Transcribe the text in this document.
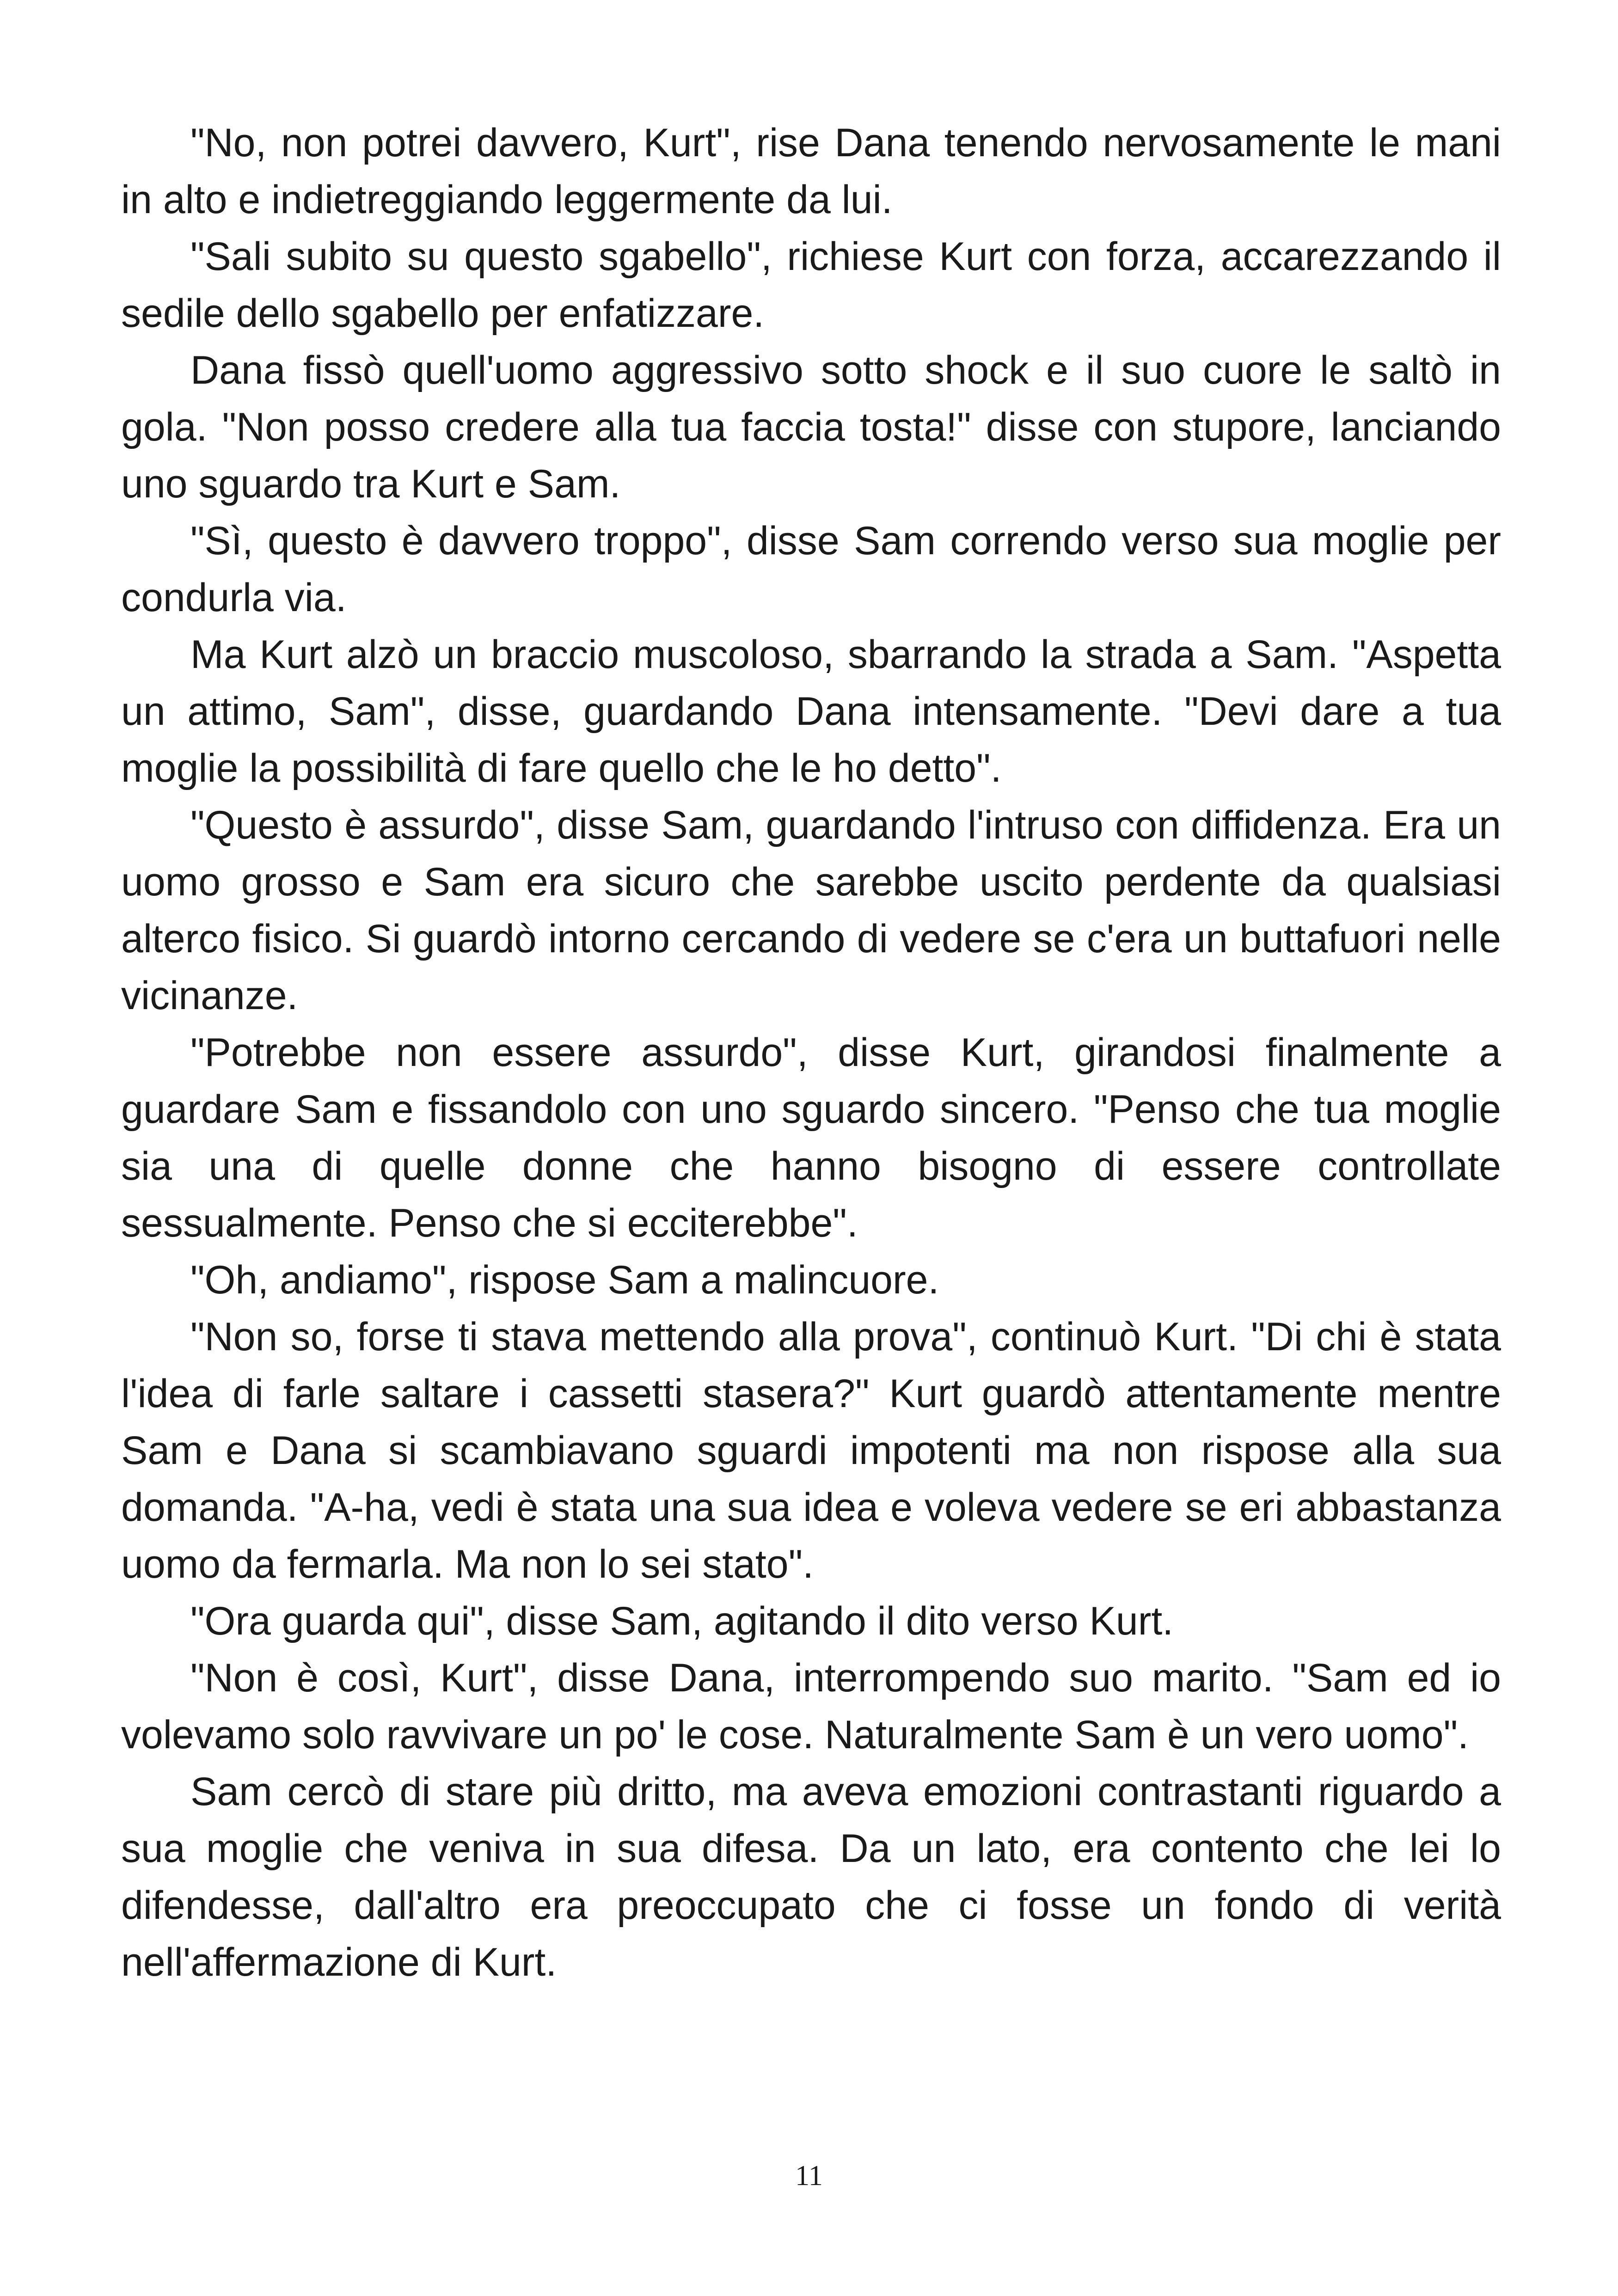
"No, non potrei davvero, Kurt", rise Dana tenendo nervosamente le mani in alto e indietreggiando leggermente da lui.

"Sali subito su questo sgabello", richiese Kurt con forza, accarezzando il sedile dello sgabello per enfatizzare.

Dana fissò quell'uomo aggressivo sotto shock e il suo cuore le saltò in gola. "Non posso credere alla tua faccia tosta!" disse con stupore, lanciando uno sguardo tra Kurt e Sam.

"Sì, questo è davvero troppo", disse Sam correndo verso sua moglie per condurla via.

Ma Kurt alzò un braccio muscoloso, sbarrando la strada a Sam. "Aspetta un attimo, Sam", disse, guardando Dana intensamente. "Devi dare a tua moglie la possibilità di fare quello che le ho detto".

"Questo è assurdo", disse Sam, guardando l'intruso con diffidenza. Era un uomo grosso e Sam era sicuro che sarebbe uscito perdente da qualsiasi alterco fisico. Si guardò intorno cercando di vedere se c'era un buttafuori nelle vicinanze.

"Potrebbe non essere assurdo", disse Kurt, girandosi finalmente a guardare Sam e fissandolo con uno sguardo sincero. "Penso che tua moglie sia una di quelle donne che hanno bisogno di essere controllate sessualmente. Penso che si ecciterebbe".

"Oh, andiamo", rispose Sam a malincuore.

"Non so, forse ti stava mettendo alla prova", continuò Kurt. "Di chi è stata l'idea di farle saltare i cassetti stasera?" Kurt guardò attentamente mentre Sam e Dana si scambiavano sguardi impotenti ma non rispose alla sua domanda. "A-ha, vedi è stata una sua idea e voleva vedere se eri abbastanza uomo da fermarla. Ma non lo sei stato".

"Ora guarda qui", disse Sam, agitando il dito verso Kurt.

"Non è così, Kurt", disse Dana, interrompendo suo marito. "Sam ed io volevamo solo ravvivare un po' le cose. Naturalmente Sam è un vero uomo".

Sam cercò di stare più dritto, ma aveva emozioni contrastanti riguardo a sua moglie che veniva in sua difesa. Da un lato, era contento che lei lo difendesse, dall'altro era preoccupato che ci fosse un fondo di verità nell'affermazione di Kurt.

11
